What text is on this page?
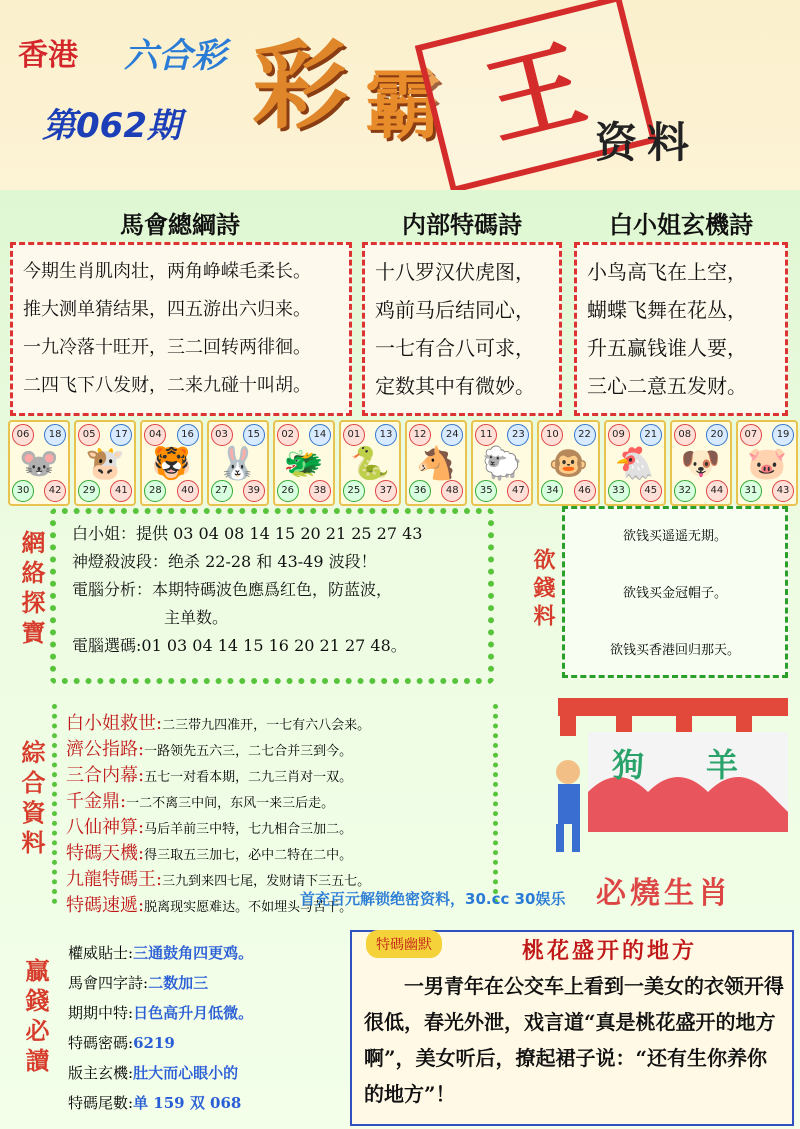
香港 六合彩
第062期 彩 霸 王
资料
馬會總綱詩	内部特碼詩	白小姐玄機詩
今期生肖肌肉壮，两角峥嵘毛柔长。
推大测单猜结果，四五游出六归来。
一九冷落十旺开，三二回转两徘徊。
二四飞下八发财，二来九碰十叫胡。
十八罗汉伏虎图，
鸡前马后结同心，
一七有合八可求，
定数其中有微妙。
小鸟高飞在上空，
蝴蝶飞舞在花丛，
升五赢钱谁人要，
三心二意五发财。
06	18
30	42
🐭
05	17
29	41
🐮
04	16
28	40
🐯
03	15
27	39
🐰
02	14
26	38
🐲
01	13
25	37
🐍
12	24
36	48
🐴
11	23
35	47
🐑
10	22
34	46
🐵
09	21
33	45
🐔
08	20
32	44
🐶
07	19
31	43
🐷
網絡探寶 白小姐：提供 03 04 08 14 15 20 21 25 27 43
神燈殺波段：绝杀 22-28 和 43-49 波段！
電腦分析：本期特碼波色應爲红色，防蓝波，
主单数。
電腦選碼:01 03 04 14 15 16 20 21 27 48。
欲錢料
欲钱买遥遥无期。
欲钱买金冠帽子。
欲钱买香港回归那天。
綜合資料
白小姐救世:二三带九四准开，一七有六八会来。
濟公指路:一路领先五六三，二七合并三到今。
三合内幕:五七一对看本期，二九三肖对一双。
千金鼎:一二不离三中间，东风一来三后走。
八仙神算:马后羊前三中特，七九相合三加二。
特碼天機:得三取五三加七，必中二特在二中。
九龍特碼王:三九到来四七尾，发财请下三五七。
特碼速遞:脱离现实愿难达。不如埋头与苦干。
狗 羊
必燒生肖
首充百元解锁绝密资料，30.cc 30娱乐
贏錢必讀
權威貼士:三通鼓角四更鸡。
馬會四字詩:二数加三
期期中特:日色高升月低微。
特碼密碼:6219
版主玄機:肚大而心眼小的
特碼尾數:单 159 双 068
特碼幽默	桃花盛开的地方
一男青年在公交车上看到一美女的衣领开得很低，春光外泄，戏言道“真是桃花盛开的地方啊”，美女听后，撩起裙子说：“还有生你养你的地方”！
